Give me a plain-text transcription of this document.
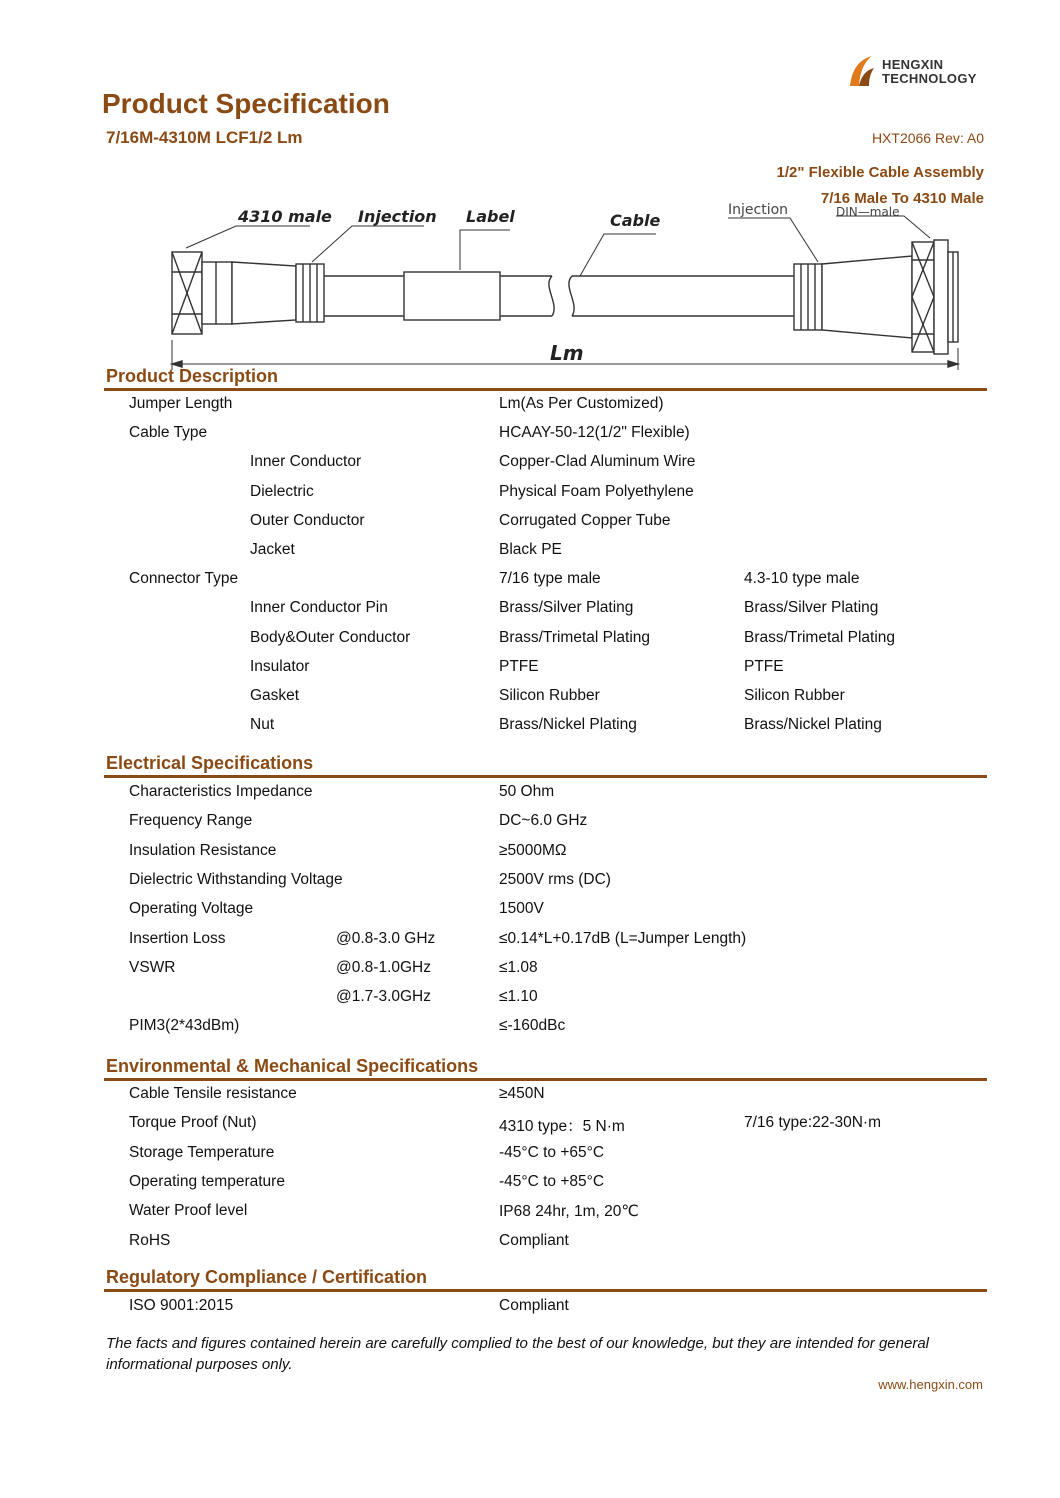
HENGXIN
TECHNOLOGY
Product Specification
7/16M-4310M LCF1/2 Lm	HXT2066 Rev: A0
1/2" Flexible Cable Assembly
7/16 Male To 4310 Male
4310 male Injection Label	Cable
Injection	DIN—male
Lm
Product Description
Jumper Length	Lm(As Per Customized)
Cable Type	HCAAY-50-12(1/2" Flexible)
Inner Conductor	Copper-Clad Aluminum Wire
Dielectric	Physical Foam Polyethylene
Outer Conductor	Corrugated Copper Tube
Jacket	Black PE
Connector Type	7/16 type male	4.3-10 type male
Inner Conductor Pin	Brass/Silver Plating	Brass/Silver Plating
Body&Outer Conductor	Brass/Trimetal Plating	Brass/Trimetal Plating
Insulator	PTFE	PTFE
Gasket	Silicon Rubber	Silicon Rubber
Nut	Brass/Nickel Plating	Brass/Nickel Plating
Electrical Specifications
Characteristics Impedance	50 Ohm
Frequency Range	DC~6.0 GHz
Insulation Resistance	≥5000MΩ
Dielectric Withstanding Voltage	2500V rms (DC)
Operating Voltage	1500V
Insertion Loss	@0.8-3.0 GHz	≤0.14*L+0.17dB (L=Jumper Length)
VSWR	@0.8-1.0GHz	≤1.08
@1.7-3.0GHz	≤1.10
PIM3(2*43dBm)	≤-160dBc
Environmental & Mechanical Specifications
Cable Tensile resistance	≥450N
Torque Proof (Nut)	4310 type：5 N·m	7/16 type:22-30N·m
Storage Temperature	-45°C to +65°C
Operating temperature	-45°C to +85°C
Water Proof level	IP68 24hr, 1m, 20℃
RoHS	Compliant
Regulatory Compliance / Certification
ISO 9001:2015	Compliant
The facts and figures contained herein are carefully complied to the best of our knowledge, but they are intended for general informational purposes only.
www.hengxin.com
